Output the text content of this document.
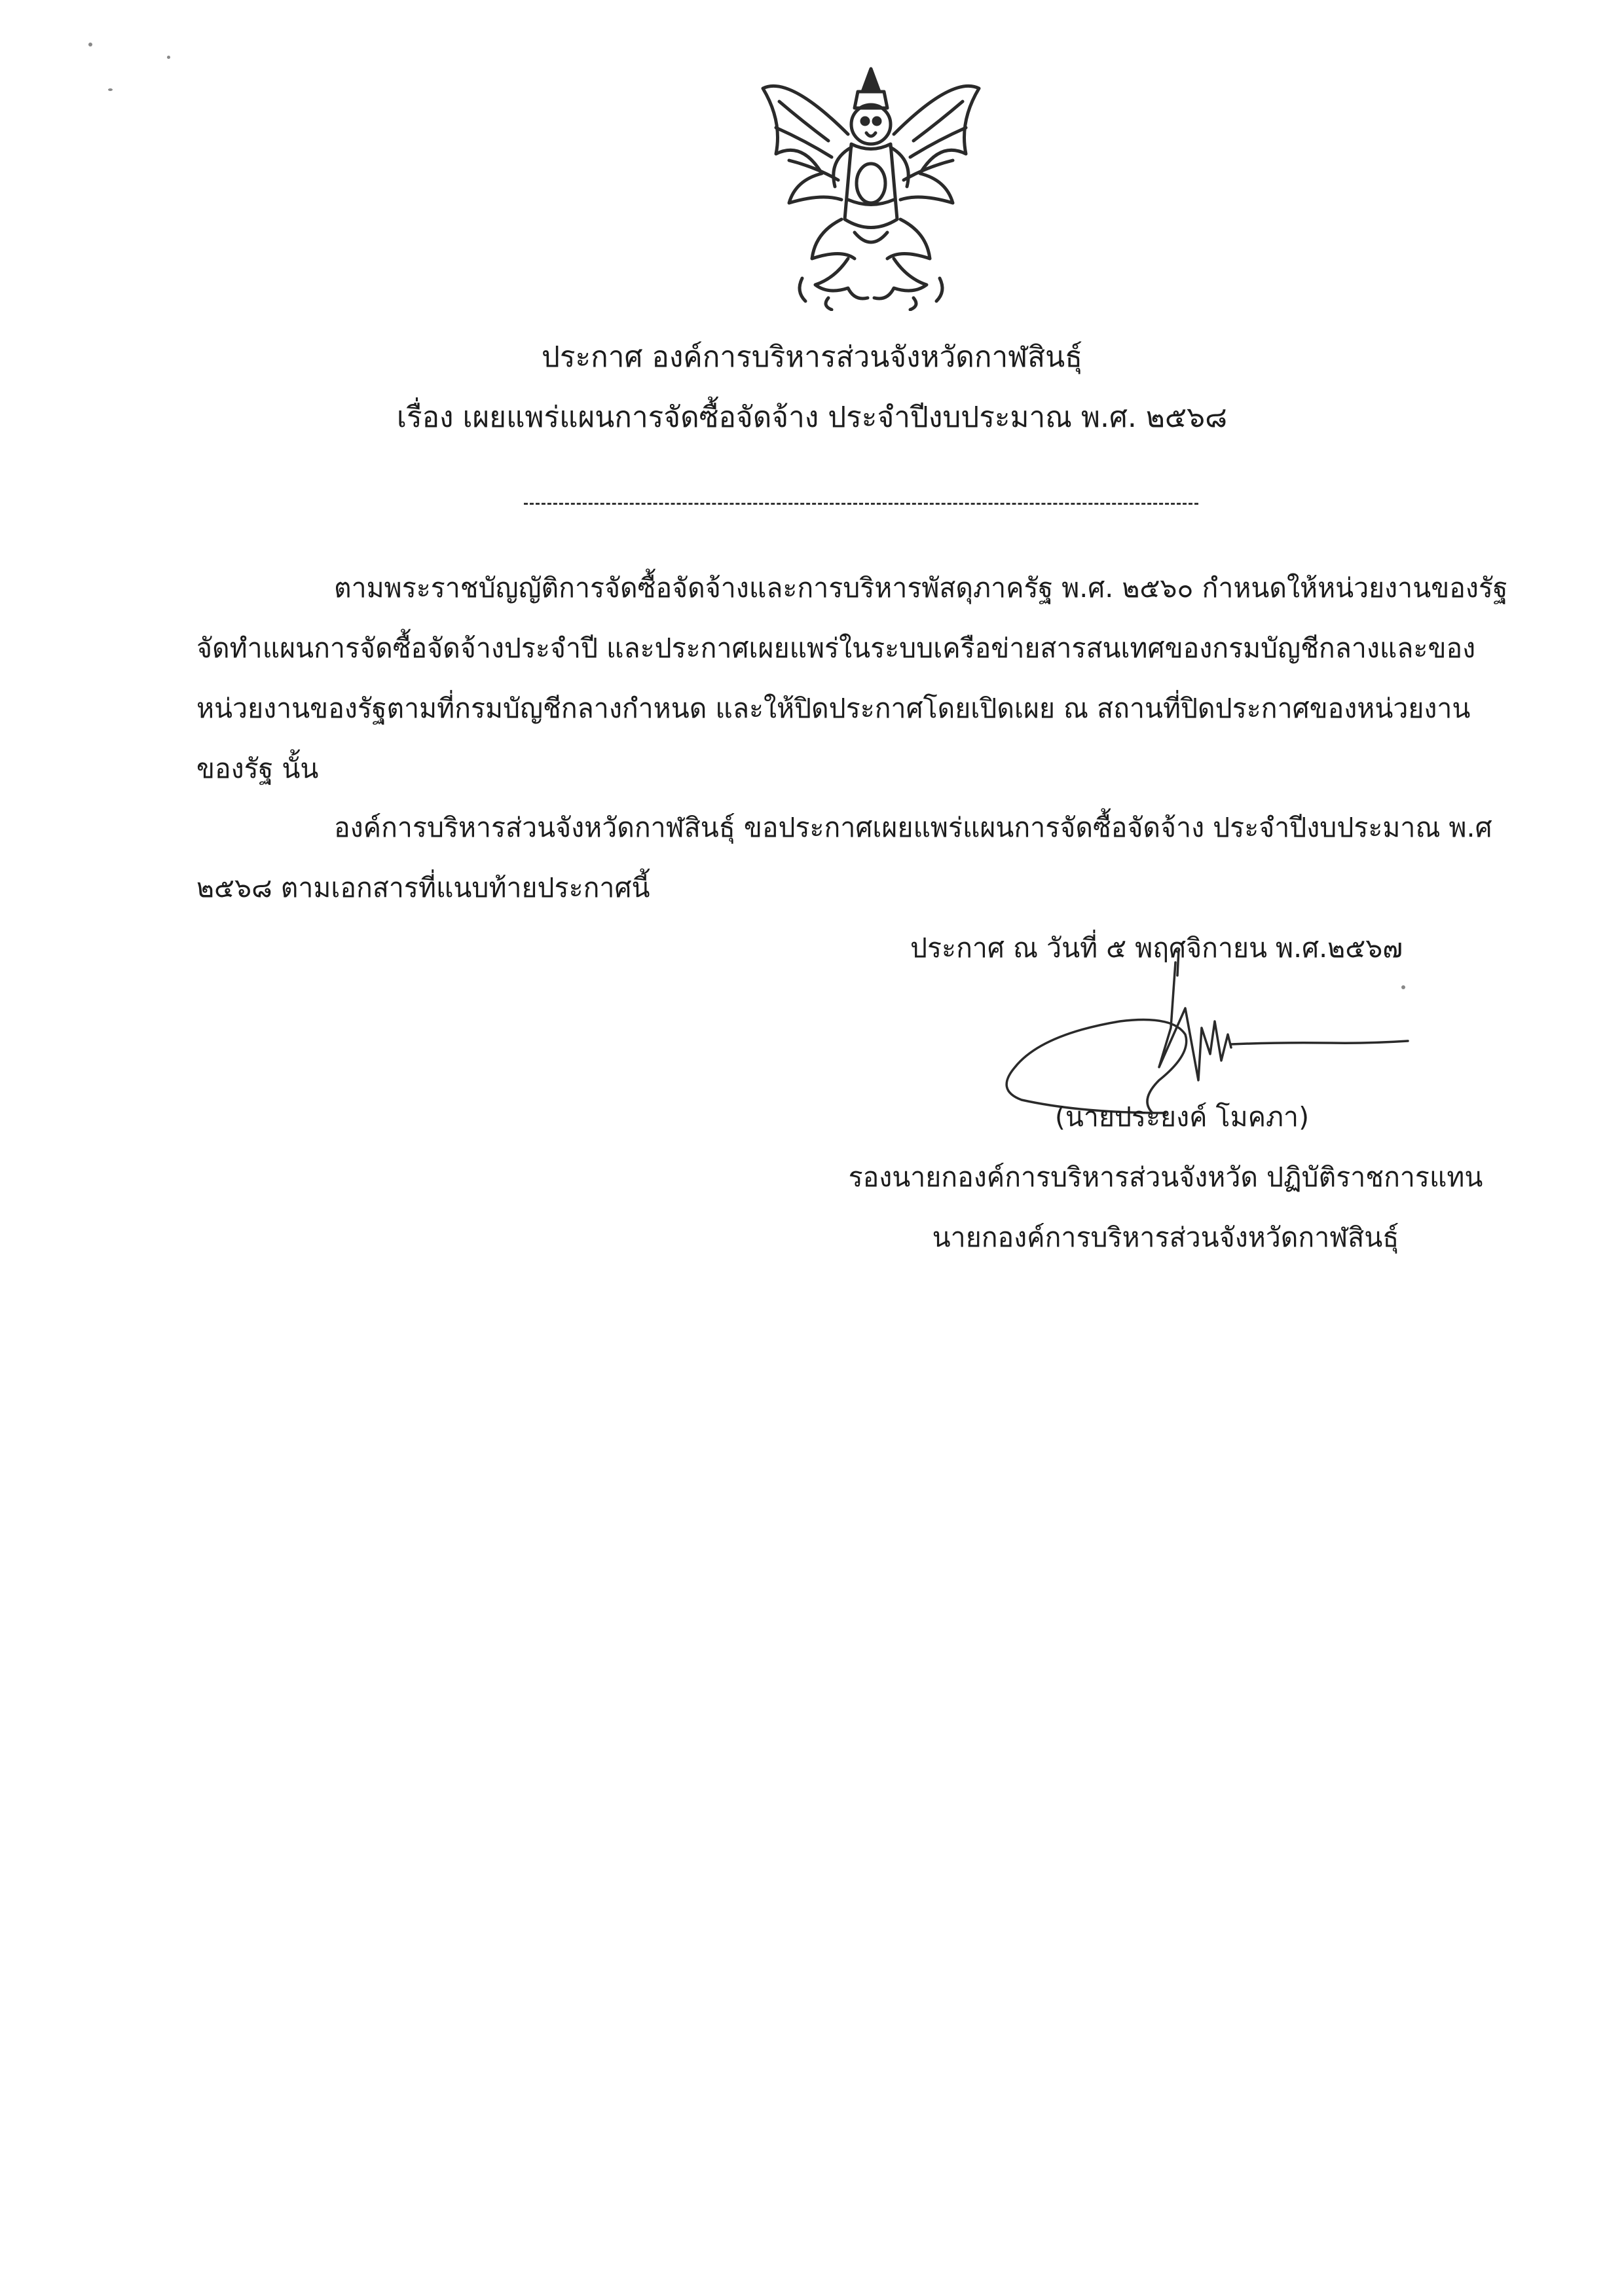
ประกาศ องค์การบริหารส่วนจังหวัดกาฬสินธุ์
เรื่อง เผยแพร่แผนการจัดซื้อจัดจ้าง ประจำปีงบประมาณ พ.ศ. ๒๕๖๘
ตามพระราชบัญญัติการจัดซื้อจัดจ้างและการบริหารพัสดุภาครัฐ พ.ศ. ๒๕๖๐ กำหนดให้หน่วยงานของรัฐ
จัดทำแผนการจัดซื้อจัดจ้างประจำปี และประกาศเผยแพร่ในระบบเครือข่ายสารสนเทศของกรมบัญชีกลางและของ
หน่วยงานของรัฐตามที่กรมบัญชีกลางกำหนด และให้ปิดประกาศโดยเปิดเผย ณ สถานที่ปิดประกาศของหน่วยงาน
ของรัฐ นั้น
องค์การบริหารส่วนจังหวัดกาฬสินธุ์ ขอประกาศเผยแพร่แผนการจัดซื้อจัดจ้าง ประจำปีงบประมาณ พ.ศ
๒๕๖๘ ตามเอกสารที่แนบท้ายประกาศนี้
ประกาศ ณ วันที่ ๕ พฤศจิกายน พ.ศ.๒๕๖๗
(นายประยงค์ โมคภา)
รองนายกองค์การบริหารส่วนจังหวัด ปฏิบัติราชการแทน
นายกองค์การบริหารส่วนจังหวัดกาฬสินธุ์
